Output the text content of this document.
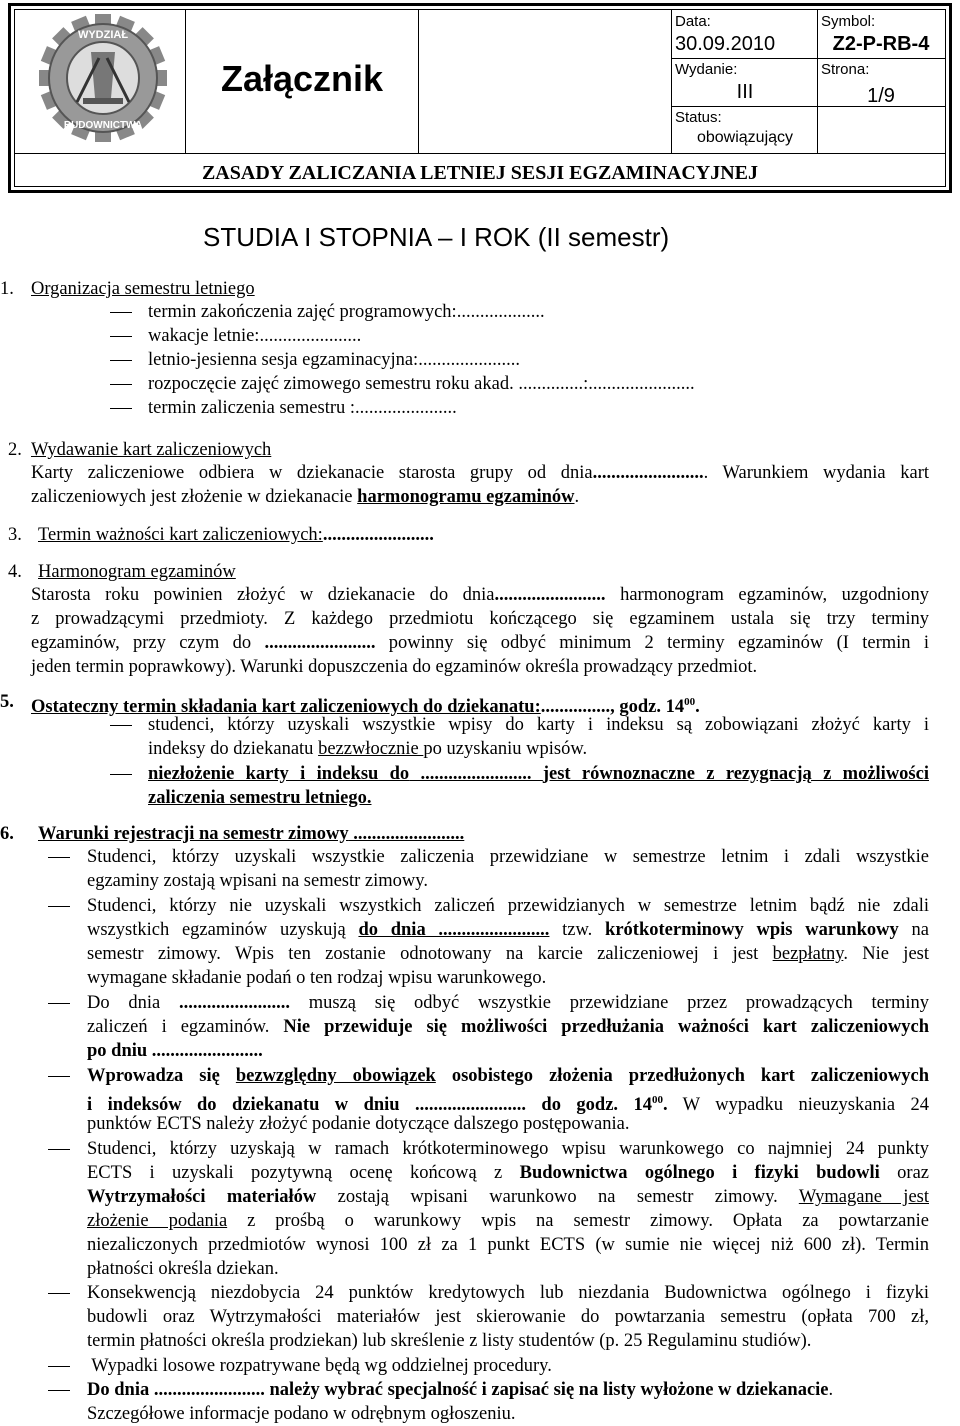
WYDZIAŁ
BUDOWNICTWA
Załącznik
Data:
30.09.2010
Wydanie:
III
Status:
obowiązujący
Symbol:
Z2-P-RB-4
Strona:
1/9
ZASADY ZALICZANIA LETNIEJ SESJI EGZAMINACYJNEJ
STUDIA I STOPNIA – I ROK (II semestr)
1. Organizacja semestru letniego
termin zakończenia zajęć programowych:...................
wakacje letnie:......................
letnio-jesienna sesja egzaminacyjna:......................
rozpoczęcie zajęć zimowego semestru roku akad. ..............:.......................
termin zaliczenia semestru :......................
2. Wydawanie kart zaliczeniowych
Karty zaliczeniowe odbiera w dziekanacie starosta grupy od dnia......................... Warunkiem wydania kart
zaliczeniowych jest złożenie w dziekanacie harmonogramu egzaminów.
3. Termin ważności kart zaliczeniowych:........................
4. Harmonogram egzaminów
Starosta roku powinien złożyć w dziekanacie do dnia........................ harmonogram egzaminów, uzgodniony
z prowadzącymi przedmioty. Z każdego przedmiotu kończącego się egzaminem ustala się trzy terminy
egzaminów, przy czym do ........................ powinny się odbyć minimum 2 terminy egzaminów (I termin i
jeden termin poprawkowy). Warunki dopuszczenia do egzaminów określa prowadzący przedmiot.
5. Ostateczny termin składania kart zaliczeniowych do dziekanatu:..............., godz. $14^{00}$.
studenci, którzy uzyskali wszystkie wpisy do karty i indeksu są zobowiązani złożyć karty i
indeksy do dziekanatu bezzwłocznie po uzyskaniu wpisów.
niezłożenie karty i indeksu do ........................ jest równoznaczne z rezygnacją z możliwości
zaliczenia semestru letniego.
6. Warunki rejestracji na semestr zimowy ........................
Studenci, którzy uzyskali wszystkie zaliczenia przewidziane w semestrze letnim i zdali wszystkie
egzaminy zostają wpisani na semestr zimowy.
Studenci, którzy nie uzyskali wszystkich zaliczeń przewidzianych w semestrze letnim bądź nie zdali
wszystkich egzaminów uzyskują do dnia ........................ tzw. krótkoterminowy wpis warunkowy na
semestr zimowy. Wpis ten zostanie odnotowany na karcie zaliczeniowej i jest bezpłatny. Nie jest
wymagane składanie podań o ten rodzaj wpisu warunkowego.
Do dnia ........................ muszą się odbyć wszystkie przewidziane przez prowadzących terminy
zaliczeń i egzaminów. Nie przewiduje się możliwości przedłużania ważności kart zaliczeniowych
po dniu ........................
Wprowadza się bezwzględny obowiązek osobistego złożenia przedłużonych kart zaliczeniowych
i indeksów do dziekanatu w dniu ........................ do godz. $14^{00}$. W wypadku nieuzyskania 24
punktów ECTS należy złożyć podanie dotyczące dalszego postępowania.
Studenci, którzy uzyskają w ramach krótkoterminowego wpisu warunkowego co najmniej 24 punkty
ECTS i uzyskali pozytywną ocenę końcową z Budownictwa ogólnego i fizyki budowli oraz
Wytrzymałości materiałów zostają wpisani warunkowo na semestr zimowy. Wymagane jest
złożenie podania z prośbą o warunkowy wpis na semestr zimowy. Opłata za powtarzanie
niezaliczonych przedmiotów wynosi 100 zł za 1 punkt ECTS (w sumie nie więcej niż 600 zł). Termin
płatności określa dziekan.
Konsekwencją niezdobycia 24 punktów kredytowych lub niezdania Budownictwa ogólnego i fizyki
budowli oraz Wytrzymałości materiałów jest skierowanie do powtarzania semestru (opłata 700 zł,
termin płatności określa prodziekan) lub skreślenie z listy studentów (p. 25 Regulaminu studiów).
Wypadki losowe rozpatrywane będą wg oddzielnej procedury.
Do dnia ........................ należy wybrać specjalność i zapisać się na listy wyłożone w dziekanacie.
Szczegółowe informacje podano w odrębnym ogłoszeniu.
